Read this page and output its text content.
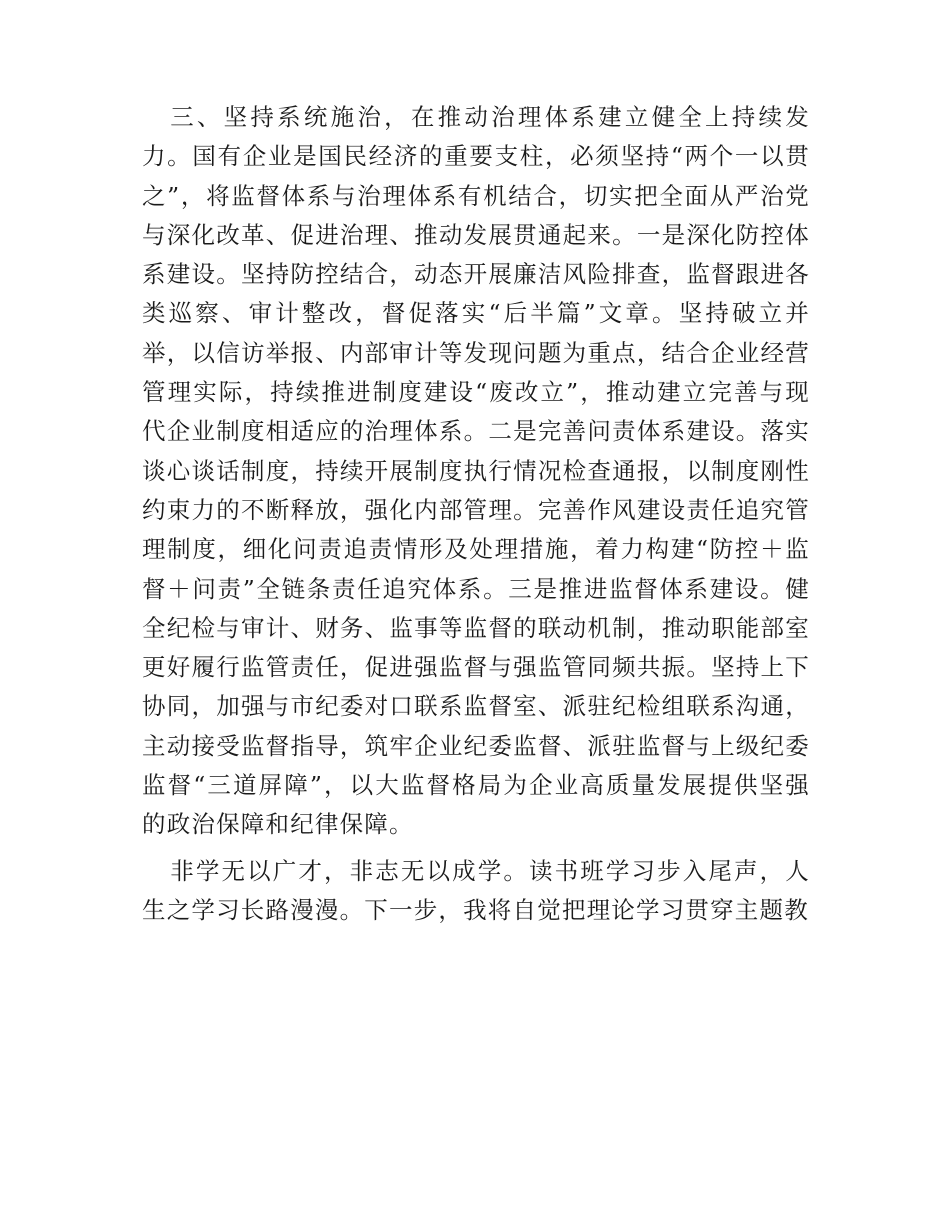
三、坚持系统施治，在推动治理体系建立健全上持续发力。国有企业是国民经济的重要支柱，必须坚持“两个一以贯之”，将监督体系与治理体系有机结合，切实把全面从严治党与深化改革、促进治理、推动发展贯通起来。一是深化防控体系建设。坚持防控结合，动态开展廉洁风险排查，监督跟进各类巡察、审计整改，督促落实“后半篇”文章。坚持破立并举，以信访举报、内部审计等发现问题为重点，结合企业经营管理实际，持续推进制度建设“废改立”，推动建立完善与现代企业制度相适应的治理体系。二是完善问责体系建设。落实谈心谈话制度，持续开展制度执行情况检查通报，以制度刚性约束力的不断释放，强化内部管理。完善作风建设责任追究管理制度，细化问责追责情形及处理措施，着力构建“防控＋监督＋问责”全链条责任追究体系。三是推进监督体系建设。健全纪检与审计、财务、监事等监督的联动机制，推动职能部室更好履行监管责任，促进强监督与强监管同频共振。坚持上下协同，加强与市纪委对口联系监督室、派驻纪检组联系沟通，主动接受监督指导，筑牢企业纪委监督、派驻监督与上级纪委监督“三道屏障”，以大监督格局为企业高质量发展提供坚强的政治保障和纪律保障。

非学无以广才，非志无以成学。读书班学习步入尾声，人生之学习长路漫漫。下一步，我将自觉把理论学习贯穿主题教
